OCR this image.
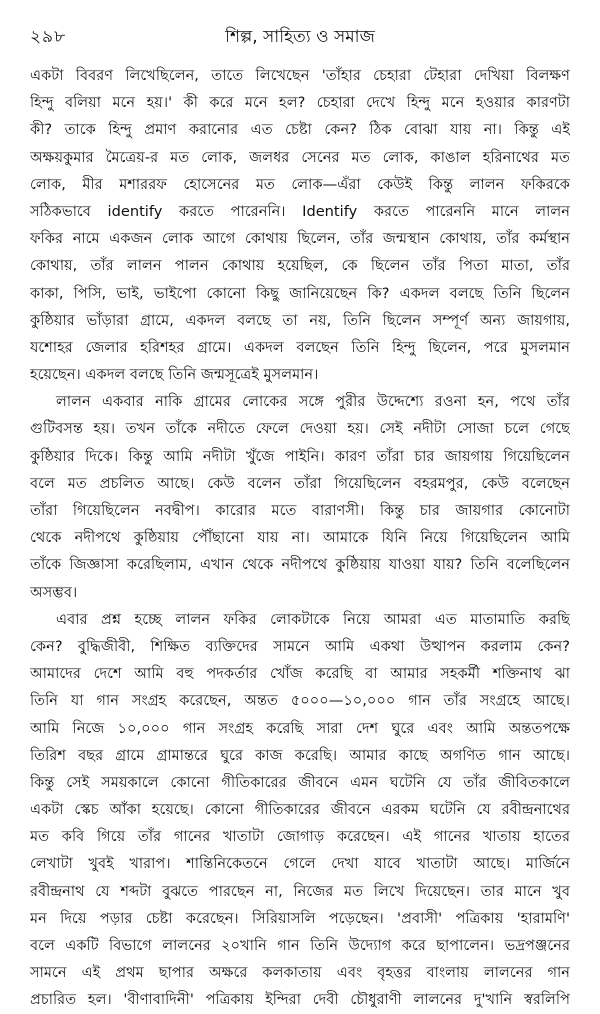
২৯৮	শিল্প, সাহিত্য ও সমাজ
একটা বিবরণ লিখেছিলেন, তাতে লিখেছেন 'তাঁহার চেহারা টেহারা দেখিয়া বিলক্ষণ
হিন্দু বলিয়া মনে হয়।' কী করে মনে হল? চেহারা দেখে হিন্দু মনে হওয়ার কারণটা
কী? তাকে হিন্দু প্রমাণ করানোর এত চেষ্টা কেন? ঠিক বোঝা যায় না। কিন্তু এই
অক্ষয়কুমার মৈত্রেয়-র মত লোক, জলধর সেনের মত লোক, কাঙাল হরিনাথের মত
লোক, মীর মশাররফ হোসেনের মত লোক—এঁরা কেউই কিন্তু লালন ফকিরকে
সঠিকভাবে identify করতে পারেননি। Identify করতে পারেননি মানে লালন
ফকির নামে একজন লোক আগে কোথায় ছিলেন, তাঁর জন্মস্থান কোথায়, তাঁর কর্মস্থান
কোথায়, তাঁর লালন পালন কোথায় হয়েছিল, কে ছিলেন তাঁর পিতা মাতা, তাঁর
কাকা, পিসি, ভাই, ভাইপো কোনো কিছু জানিয়েছেন কি? একদল বলছে তিনি ছিলেন
কুষ্ঠিয়ার ভাঁড়ারা গ্রামে, একদল বলছে তা নয়, তিনি ছিলেন সম্পূর্ণ অন্য জায়গায়,
যশোহর জেলার হরিশহর গ্রামে। একদল বলছেন তিনি হিন্দু ছিলেন, পরে মুসলমান
হয়েছেন। একদল বলছে তিনি জন্মসূত্রেই মুসলমান।
লালন একবার নাকি গ্রামের লোকের সঙ্গে পুরীর উদ্দেশ্যে রওনা হন, পথে তাঁর
গুটিবসন্ত হয়। তখন তাঁকে নদীতে ফেলে দেওয়া হয়। সেই নদীটা সোজা চলে গেছে
কুষ্ঠিয়ার দিকে। কিন্তু আমি নদীটা খুঁজে পাইনি। কারণ তাঁরা চার জায়গায় গিয়েছিলেন
বলে মত প্রচলিত আছে। কেউ বলেন তাঁরা গিয়েছিলেন বহরমপুর, কেউ বলেছেন
তাঁরা গিয়েছিলেন নবদ্বীপ। কারোর মতে বারাণসী। কিন্তু চার জায়গার কোনোটা
থেকে নদীপথে কুষ্ঠিয়ায় পৌঁছানো যায় না। আমাকে যিনি নিয়ে গিয়েছিলেন আমি
তাঁকে জিজ্ঞাসা করেছিলাম, এখান থেকে নদীপথে কুষ্ঠিয়ায় যাওয়া যায়? তিনি বলেছিলেন
অসম্ভব।
এবার প্রশ্ন হচ্ছে লালন ফকির লোকটাকে নিয়ে আমরা এত মাতামাতি করছি
কেন? বুদ্ধিজীবী, শিক্ষিত ব্যক্তিদের সামনে আমি একথা উত্থাপন করলাম কেন?
আমাদের দেশে আমি বহু পদকর্তার খোঁজ করেছি বা আমার সহকর্মী শক্তিনাথ ঝা
তিনি যা গান সংগ্রহ করেছেন, অন্তত ৫০০০—১০,০০০ গান তাঁর সংগ্রহে আছে।
আমি নিজে ১০,০০০ গান সংগ্রহ করেছি সারা দেশ ঘুরে এবং আমি অন্ততপক্ষে
তিরিশ বছর গ্রামে গ্রামান্তরে ঘুরে কাজ করেছি। আমার কাছে অগণিত গান আছে।
কিন্তু সেই সময়কালে কোনো গীতিকারের জীবনে এমন ঘটেনি যে তাঁর জীবিতকালে
একটা স্কেচ আঁকা হয়েছে। কোনো গীতিকারের জীবনে এরকম ঘটেনি যে রবীন্দ্রনাথের
মত কবি গিয়ে তাঁর গানের খাতাটা জোগাড় করেছেন। এই গানের খাতায় হাতের
লেখাটা খুবই খারাপ। শান্তিনিকেতনে গেলে দেখা যাবে খাতাটা আছে। মার্জিনে
রবীন্দ্রনাথ যে শব্দটা বুঝতে পারছেন না, নিজের মত লিখে দিয়েছেন। তার মানে খুব
মন দিয়ে পড়ার চেষ্টা করেছেন। সিরিয়াসলি পড়েছেন। 'প্রবাসী' পত্রিকায় 'হারামণি'
বলে একটি বিভাগে লালনের ২০খানি গান তিনি উদ্যোগ করে ছাপালেন। ভদ্রপঞ্জনের
সামনে এই প্রথম ছাপার অক্ষরে কলকাতায় এবং বৃহত্তর বাংলায় লালনের গান
প্রচারিত হল। 'বীণাবাদিনী' পত্রিকায় ইন্দিরা দেবী চৌধুরাণী লালনের দু'খানি স্বরলিপি
